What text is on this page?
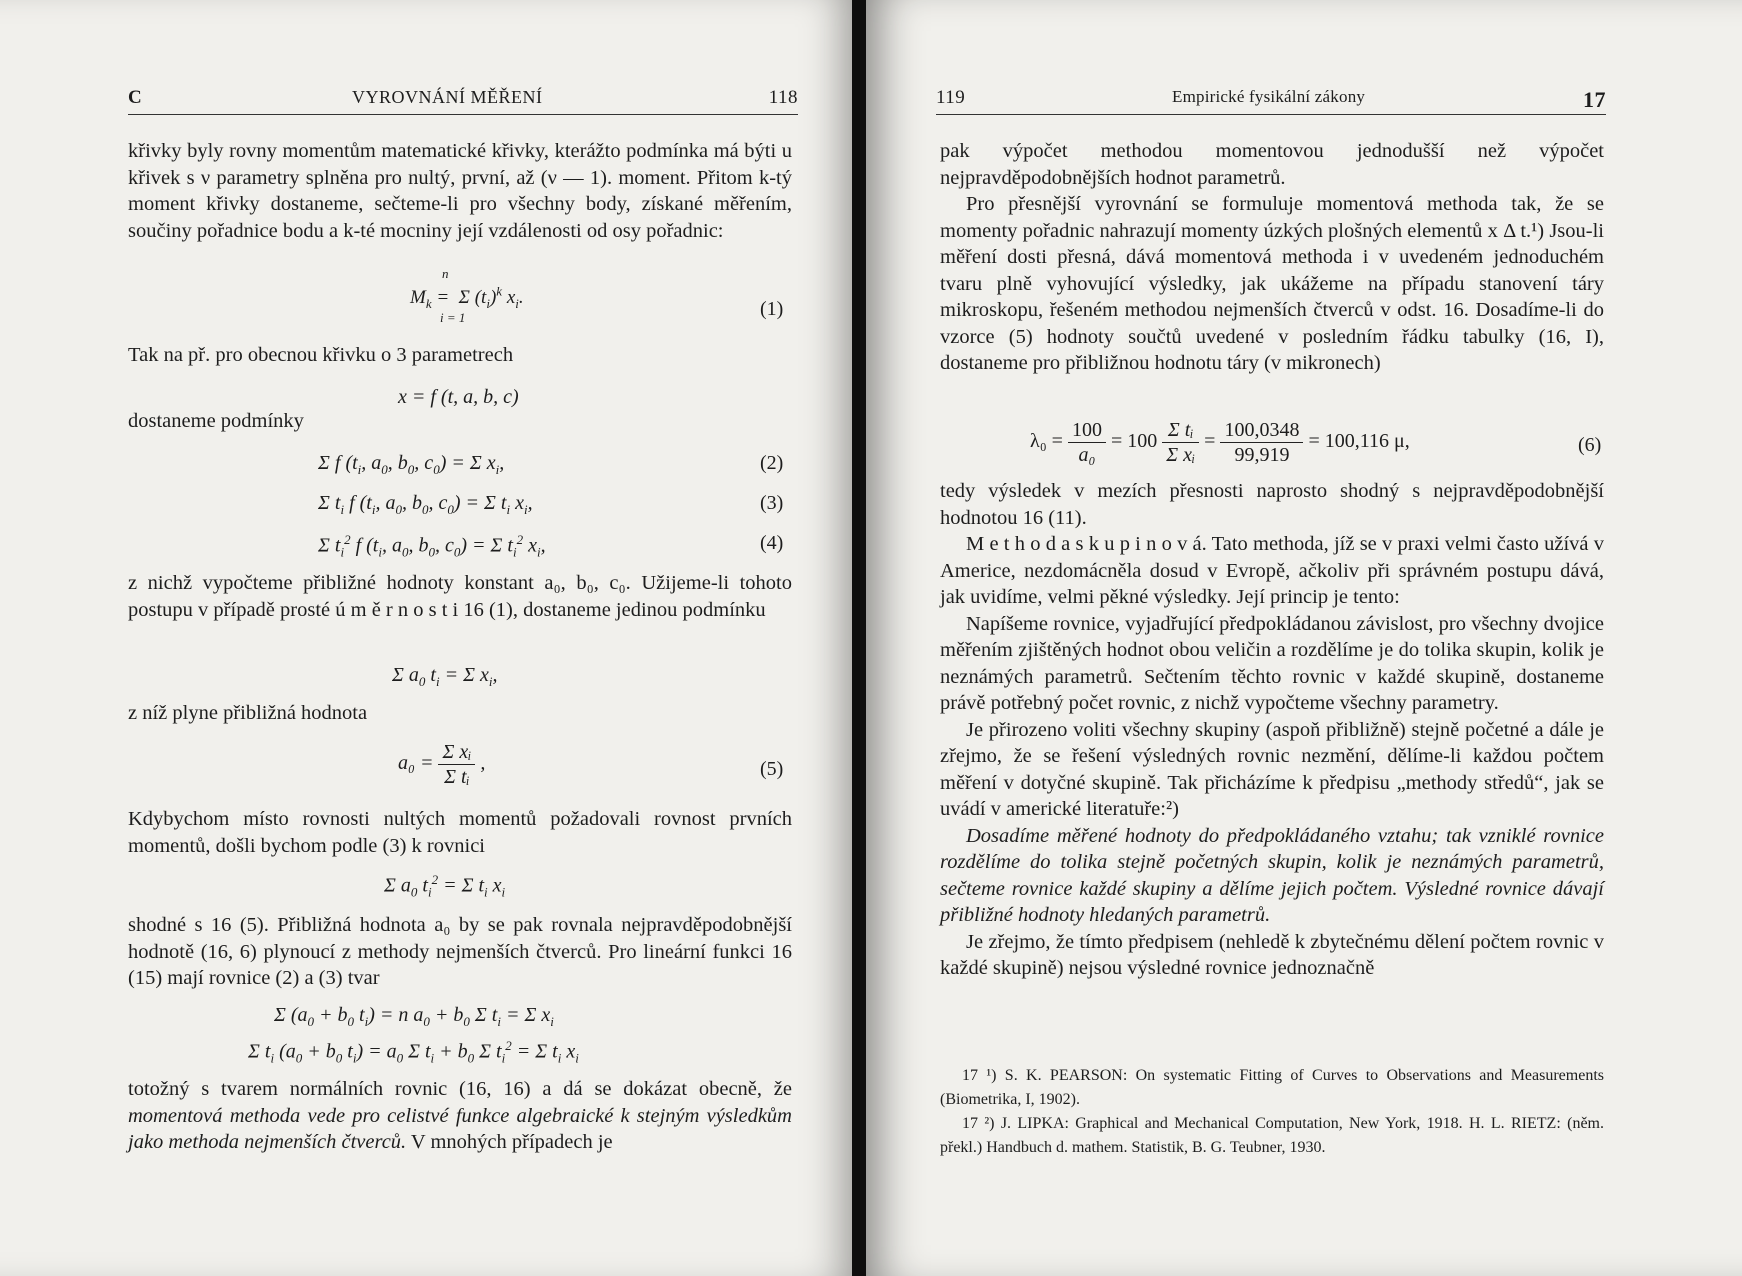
C	VYROVNÁNÍ MĚŘENÍ	118

křivky byly rovny momentům matematické křivky, kterážto podmínka má býti u křivek s ν parametry splněna pro nultý, první, až (ν — 1). moment. Přitom k-tý moment křivky dostaneme, sečteme-li pro všechny body, získané měřením, součiny pořadnice bodu a k-té mocniny její vzdálenosti od osy pořadnic:

n
$M_k = \Sigma$ $(t_i)^k$ $x_i$.
i = 1	(1)
Tak na př. pro obecnou křivku o 3 parametrech
x = f (t, a, b, c)
dostaneme podmínky
Σ f ($t_i$, $a_0$, $b_0$, $c_0) = \Sigma$ $x_i$,	(2)
Σ $t_i$ f ($t_i$, $a_0$, $b_0$, $c_0) = \Sigma$ $t_i$ $x_i$,	(3)
Σ $t_i^2$ f ($t_i$, $a_0$, $b_0$, $c_0) = \Sigma$ $t_i^2$ $x_i$,	(4)

z nichž vypočteme přibližné hodnoty konstant a₀, b₀, c₀. Užijeme-li tohoto postupu v případě prosté ú m ě r n o s t i 16 (1), dostaneme jedinou podmínku

Σ $a_0$ $t_i = \Sigma$ $x_i$,
z níž plyne přibližná hodnota
$a_0 = \frac{\text{Σ xᵢ}}{\text{Σ tᵢ}}$ ,	(5)

Kdybychom místo rovnosti nultých momentů požadovali rovnost prvních momentů, došli bychom podle (3) k rovnici

Σ $a_0$ $t_i^2 = \Sigma$ $t_i$ $x_i$

shodné s 16 (5). Přibližná hodnota a₀ by se pak rovnala nejpravděpodobnější hodnotě (16, 6) plynoucí z methody nejmenších čtverců. Pro lineární funkci 16 (15) mají rovnice (2) a (3) tvar

Σ ($a_0 + b_0$ $t_i) = n$ $a_0 + b_0$ Σ $t_i = \Sigma$ $x_i$
Σ $t_i$ ($a_0 + b_0$ $t_i) = a_0$ Σ $t_i + b_0$ Σ $t_i^2 = \Sigma$ $t_i$ $x_i$

totožný s tvarem normálních rovnic (16, 16) a dá se dokázat obecně, že momentová methoda vede pro celistvé funkce algebraické k stejným výsledkům jako methoda nejmenších čtverců. V mnohých případech je

119	Empirické fysikální zákony	17

pak výpočet methodou momentovou jednodušší než výpočet nejpravděpodobnějších hodnot parametrů.

Pro přesnější vyrovnání se formuluje momentová methoda tak, že se momenty pořadnic nahrazují momenty úzkých plošných elementů x Δ t.¹) Jsou-li měření dosti přesná, dává momentová methoda i v uvedeném jednoduchém tvaru plně vyhovující výsledky, jak ukážeme na případu stanovení táry mikroskopu, řešeném methodou nejmenších čtverců v odst. 16. Dosadíme-li do vzorce (5) hodnoty součtů uvedené v posledním řádku tabulky (16, I), dostaneme pro přibližnou hodnotu táry (v mikronech)

$\lambda_0 = \frac{100}{\text{a₀}} = 100 \frac{\text{Σ tᵢ}}{\text{Σ xᵢ}} = \frac{100,0348}{99,919} = 100,116$ μ,	(6)

tedy výsledek v mezích přesnosti naprosto shodný s nejpravděpodobnější hodnotou 16 (11).

M e t h o d a s k u p i n o v á. Tato methoda, jíž se v praxi velmi často užívá v Americe, nezdomácněla dosud v Evropě, ačkoliv při správném postupu dává, jak uvidíme, velmi pěkné výsledky. Její princip je tento:

Napíšeme rovnice, vyjadřující předpokládanou závislost, pro všechny dvojice měřením zjištěných hodnot obou veličin a rozdělíme je do tolika skupin, kolik je neznámých parametrů. Sečtením těchto rovnic v každé skupině, dostaneme právě potřebný počet rovnic, z nichž vypočteme všechny parametry.

Je přirozeno voliti všechny skupiny (aspoň přibližně) stejně početné a dále je zřejmo, že se řešení výsledných rovnic nezmění, dělíme-li každou počtem měření v dotyčné skupině. Tak přicházíme k předpisu „methody středů“, jak se uvádí v americké literatuře:²)

Dosadíme měřené hodnoty do předpokládaného vztahu; tak vzniklé rovnice rozdělíme do tolika stejně početných skupin, kolik je neznámých parametrů, sečteme rovnice každé skupiny a dělíme jejich počtem. Výsledné rovnice dávají přibližné hodnoty hledaných parametrů.

Je zřejmo, že tímto předpisem (nehledě k zbytečnému dělení počtem rovnic v každé skupině) nejsou výsledné rovnice jednoznačně

17 ¹) S. K. PEARSON: On systematic Fitting of Curves to Observations and Measurements (Biometrika, I, 1902).

17 ²) J. LIPKA: Graphical and Mechanical Computation, New York, 1918. H. L. RIETZ: (něm. překl.) Handbuch d. mathem. Statistik, B. G. Teubner, 1930.
